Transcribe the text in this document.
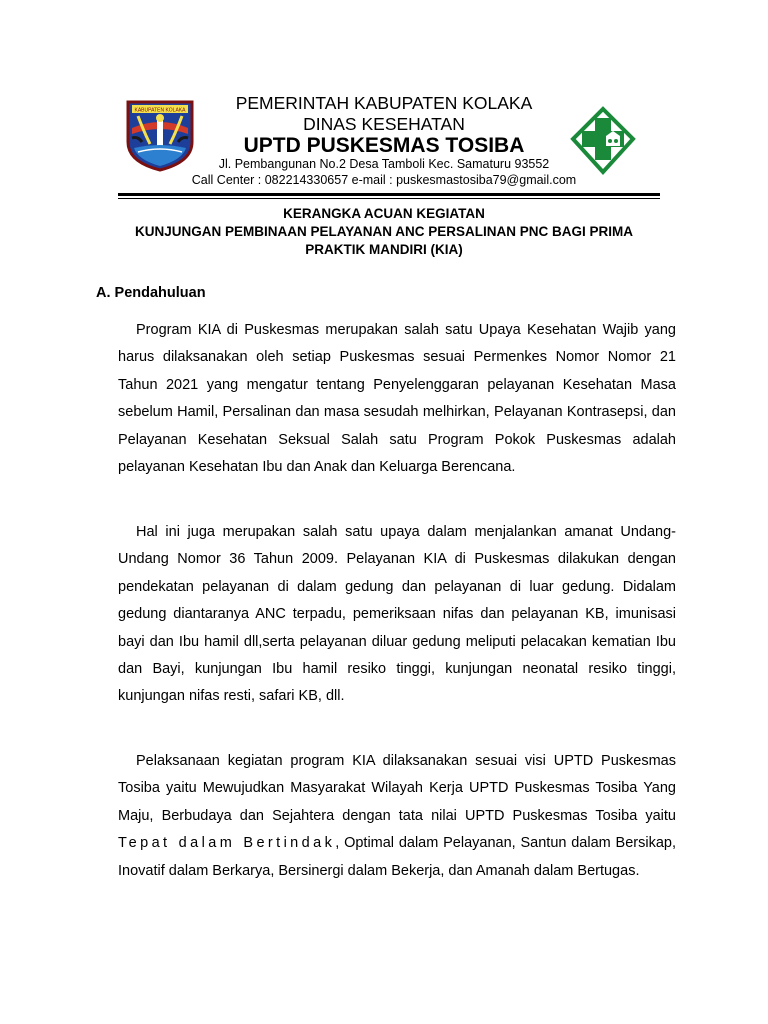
KABUPATEN KOLAKA	PEMERINTAH KABUPATEN KOLAKA
DINAS KESEHATAN
UPTD PUSKESMAS TOSIBA
Jl. Pembangunan No.2 Desa Tamboli Kec. Samaturu 93552
Call Center : 082214330657 e-mail : puskesmastosiba79@gmail.com
KERANGKA ACUAN KEGIATAN
KUNJUNGAN PEMBINAAN PELAYANAN ANC PERSALINAN PNC BAGI PRIMA
PRAKTIK MANDIRI (KIA)
A. Pendahuluan

Program KIA di Puskesmas merupakan salah satu Upaya Kesehatan Wajib yang harus dilaksanakan oleh setiap Puskesmas sesuai Permenkes Nomor Nomor 21 Tahun 2021 yang mengatur tentang Penyelenggaran pelayanan Kesehatan Masa sebelum Hamil, Persalinan dan masa sesudah melhirkan, Pelayanan Kontrasepsi, dan Pelayanan Kesehatan Seksual Salah satu Program Pokok Puskesmas adalah pelayanan Kesehatan Ibu dan Anak dan Keluarga Berencana.

Hal ini juga merupakan salah satu upaya dalam menjalankan amanat Undang-Undang Nomor 36 Tahun 2009. Pelayanan KIA di Puskesmas dilakukan dengan pendekatan pelayanan di dalam gedung dan pelayanan di luar gedung. Didalam gedung diantaranya ANC terpadu, pemeriksaan nifas dan pelayanan KB, imunisasi bayi dan Ibu hamil dll,serta pelayanan diluar gedung meliputi pelacakan kematian Ibu dan Bayi, kunjungan Ibu hamil resiko tinggi, kunjungan neonatal resiko tinggi, kunjungan nifas resti, safari KB, dll.

Pelaksanaan kegiatan program KIA dilaksanakan sesuai visi UPTD Puskesmas Tosiba yaitu Mewujudkan Masyarakat Wilayah Kerja UPTD Puskesmas Tosiba Yang Maju, Berbudaya dan Sejahtera dengan tata nilai UPTD Puskesmas Tosiba yaitu Tepat dalam Bertindak, Optimal dalam Pelayanan, Santun dalam Bersikap, Inovatif dalam Berkarya, Bersinergi dalam Bekerja, dan Amanah dalam Bertugas.
